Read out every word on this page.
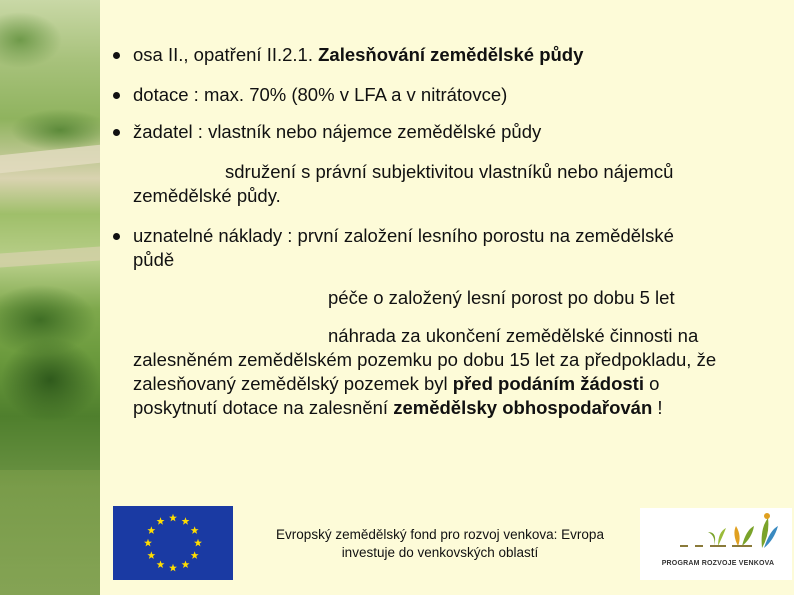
osa II., opatření II.2.1. Zalesňování zemědělské půdy
dotace : max. 70% (80% v LFA a v nitrátovce)
žadatel : vlastník nebo nájemce zemědělské půdy
sdružení s právní subjektivitou vlastníků nebo nájemců zemědělské půdy.
uznatelné náklady : první založení lesního porostu na zemědělské půdě
péče o založený lesní porost po dobu 5 let
náhrada za ukončení zemědělské činnosti na zalesněném zemědělském pozemku po dobu 15 let za předpokladu, že zalesňovaný zemědělský pozemek byl před podáním žádosti o poskytnutí dotace na zalesnění zemědělsky obhospodařován !
Evropský zemědělský fond pro rozvoj venkova: Evropa investuje do venkovských oblastí
PROGRAM ROZVOJE VENKOVA
